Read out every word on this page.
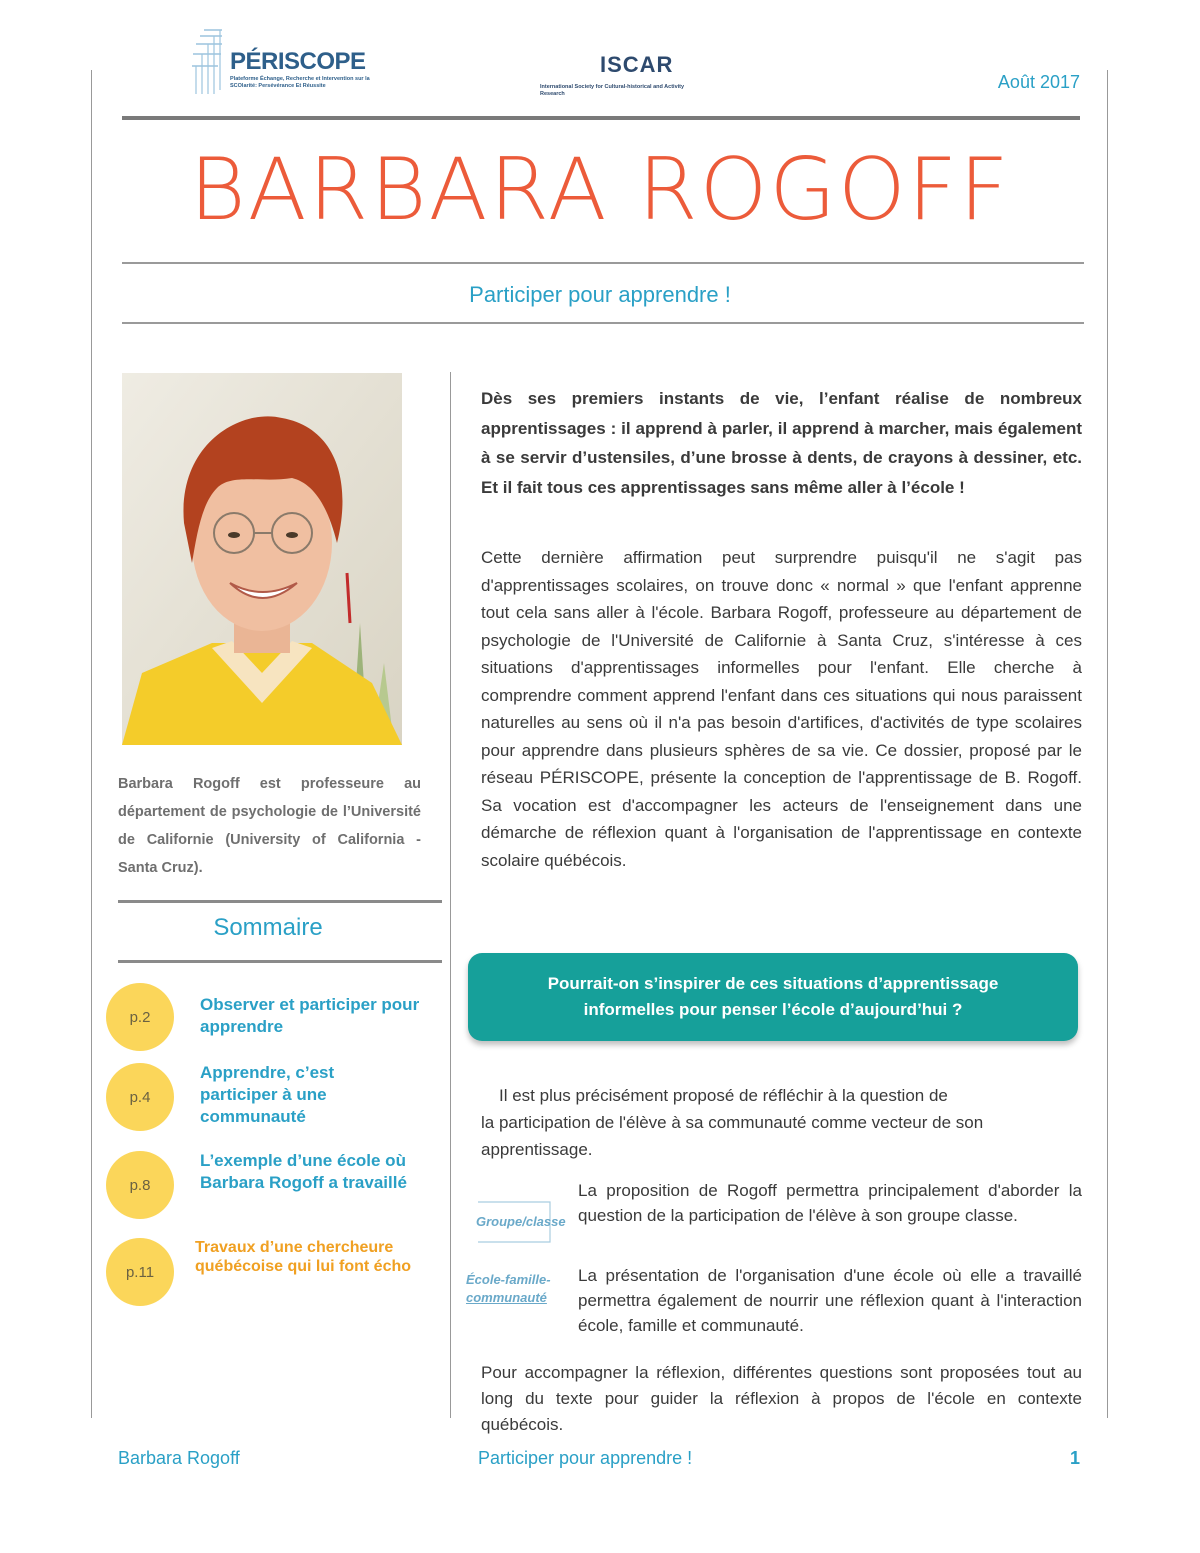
PÉRISCOPE
Plateforme Échange, Recherche et Intervention sur la SCOlarité: Persévérance Et Réussite
ISCAR
International Society for Cultural-historical and Activity Research
Août 2017
BARBARA ROGOFF
Participer pour apprendre !
Barbara Rogoff est professeure au département de psychologie de l’Université de Californie (University of California - Santa Cruz).
Sommaire
p.2
Observer et participer pour apprendre
p.4
Apprendre, c’est participer à une communauté
p.8
L’exemple d’une école où Barbara Rogoff a travaillé
p.11
Travaux d’une chercheure québécoise qui lui font écho
Dès ses premiers instants de vie, l’enfant réalise de nombreux apprentissages : il apprend à parler, il apprend à marcher, mais également à se servir d’ustensiles, d’une brosse à dents, de crayons à dessiner, etc. Et il fait tous ces apprentissages sans même aller à l’école !
Cette dernière affirmation peut surprendre puisqu'il ne s'agit pas d'apprentissages scolaires, on trouve donc « normal » que l'enfant apprenne tout cela sans aller à l'école. Barbara Rogoff, professeure au département de psychologie de l'Université de Californie à Santa Cruz, s'intéresse à ces situations d'apprentissages informelles pour l'enfant. Elle cherche à comprendre comment apprend l'enfant dans ces situations qui nous paraissent naturelles au sens où il n'a pas besoin d'artifices, d'activités de type scolaires pour apprendre dans plusieurs sphères de sa vie. Ce dossier, proposé par le réseau PÉRISCOPE, présente la conception de l'apprentissage de B. Rogoff. Sa vocation est d'accompagner les acteurs de l'enseignement dans une démarche de réflexion quant à l'organisation de l'apprentissage en contexte scolaire québécois.
Pourrait-on s’inspirer de ces situations d’apprentissage
informelles pour penser l’école d’aujourd’hui ?
Il est plus précisément proposé de réfléchir à la question de
la participation de l'élève à sa communauté comme vecteur de son apprentissage.
Groupe/classe
La proposition de Rogoff permettra principalement d'aborder la question de la participation de l'élève à son groupe classe.
École-famille-
communauté
La présentation de l'organisation d'une école où elle a travaillé permettra également de nourrir une réflexion quant à l'interaction école, famille et communauté.
Pour accompagner la réflexion, différentes questions sont proposées tout au long du texte pour guider la réflexion à propos de l'école en contexte québécois.
Barbara Rogoff	Participer pour apprendre !	1
